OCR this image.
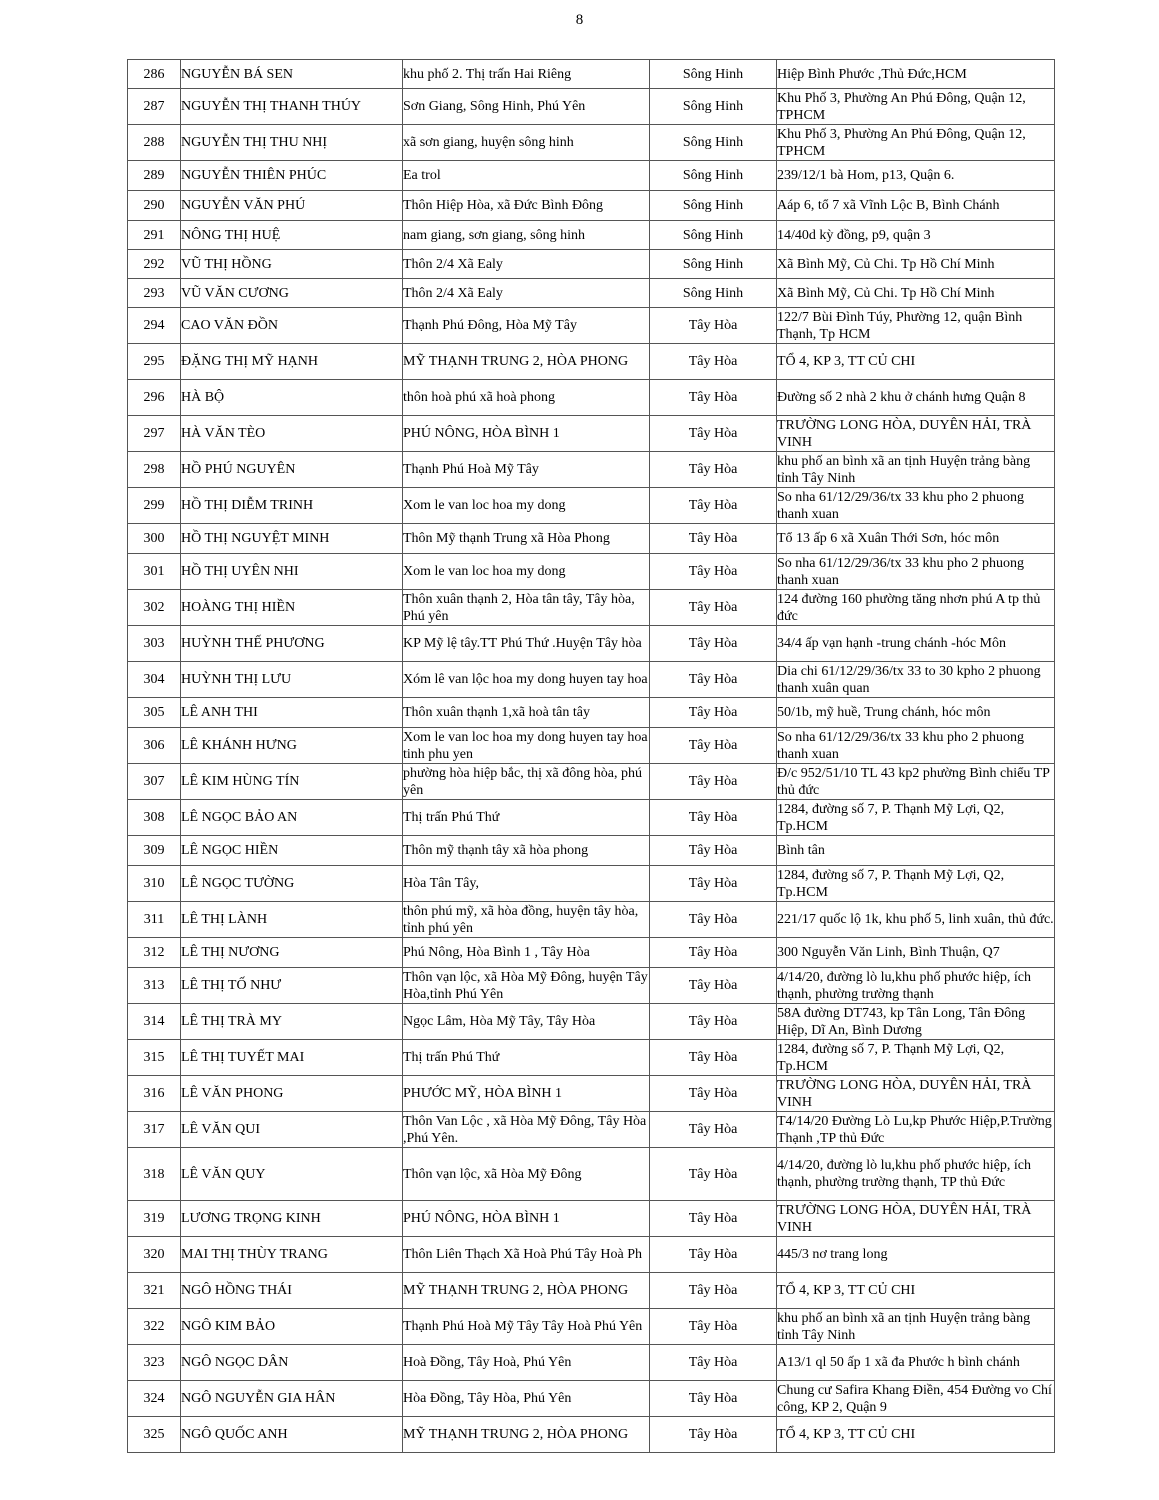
8
286	NGUYỄN BÁ SEN	khu phố 2. Thị trấn Hai Riêng	Sông Hinh	Hiệp Bình Phước ,Thủ Đức,HCM

287	NGUYỄN THỊ THANH THÚY	Sơn Giang, Sông Hinh, Phú Yên	Sông Hinh	Khu Phố 3, Phường An Phú Đông, Quận 12, TPHCM

288	NGUYỄN THỊ THU NHỊ	xã sơn giang, huyện sông hinh	Sông Hinh	Khu Phố 3, Phường An Phú Đông, Quận 12, TPHCM

289	NGUYỄN THIÊN PHÚC	Ea trol	Sông Hinh	239/12/1 bà Hom, p13, Quận 6.

290	NGUYỄN VĂN PHÚ	Thôn Hiệp Hòa, xã Đức Bình Đông	Sông Hinh	Aáp 6, tổ 7 xã Vĩnh Lộc B, Bình Chánh

291	NÔNG THỊ HUỆ	nam giang, sơn giang, sông hinh	Sông Hinh	14/40d kỳ đồng, p9, quận 3

292	VŨ THỊ HỒNG	Thôn 2/4 Xã Ealy	Sông Hinh	Xã Bình Mỹ, Củ Chi. Tp Hồ Chí Minh

293	VŨ VĂN CƯƠNG	Thôn 2/4 Xã Ealy	Sông Hinh	Xã Bình Mỹ, Củ Chi. Tp Hồ Chí Minh

294	CAO VĂN ĐỒN	Thạnh Phú Đông, Hòa Mỹ Tây	Tây Hòa	122/7 Bùi Đình Túy, Phường 12, quận Bình Thạnh, Tp HCM

295	ĐẶNG THỊ MỸ HẠNH	MỸ THẠNH TRUNG 2, HÒA PHONG	Tây Hòa	TỔ 4, KP 3, TT CỦ CHI

296	HÀ BỘ	thôn hoà phú xã hoà phong	Tây Hòa	Đường số 2 nhà 2 khu ở chánh hưng Quận 8

297	HÀ VĂN TÈO	PHÚ NÔNG, HÒA BÌNH 1	Tây Hòa	TRƯỜNG LONG HÒA, DUYÊN HẢI, TRÀ VINH

298	HỒ PHÚ NGUYÊN	Thạnh Phú Hoà Mỹ Tây	Tây Hòa	khu phố an bình xã an tịnh Huyện trảng bàng tỉnh Tây Ninh

299	HỒ THỊ DIỄM TRINH	Xom le van loc hoa my dong	Tây Hòa	So nha 61/12/29/36/tx 33 khu pho 2 phuong thanh xuan

300	HỒ THỊ NGUYỆT MINH	Thôn Mỹ thạnh Trung xã Hòa Phong	Tây Hòa	Tổ 13 ấp 6 xã Xuân Thới Sơn, hóc môn

301	HỒ THỊ UYÊN NHI	Xom le van loc hoa my dong	Tây Hòa	So nha 61/12/29/36/tx 33 khu pho 2 phuong thanh xuan

302	HOÀNG THỊ HIỀN	Thôn xuân thạnh 2, Hòa tân tây, Tây hòa, Phú yên	Tây Hòa	124 đường 160 phường tăng nhơn phú A tp thủ đức

303	HUỲNH THẾ PHƯƠNG	KP Mỹ lệ tây.TT Phú Thứ .Huyện Tây hòa	Tây Hòa	34/4 ấp vạn hạnh -trung chánh -hóc Môn

304	HUỲNH THỊ LƯU	Xóm lê van lộc hoa my dong huyen tay hoa	Tây Hòa	Dia chi 61/12/29/36/tx 33 to 30 kpho 2 phuong thanh xuân quan

305	LÊ ANH THI	Thôn xuân thạnh 1,xã hoà tân tây	Tây Hòa	50/1b, mỹ huề, Trung chánh, hóc môn

306	LÊ KHÁNH HƯNG	Xom le van loc hoa my dong huyen tay hoa tinh phu yen	Tây Hòa	So nha 61/12/29/36/tx 33 khu pho 2 phuong thanh xuan

307	LÊ KIM HÙNG TÍN	phường hòa hiệp bắc, thị xã đông hòa, phú yên	Tây Hòa	Đ/c 952/51/10 TL 43 kp2 phường Bình chiểu TP thủ đức

308	LÊ NGỌC BẢO AN	Thị trấn Phú Thứ	Tây Hòa	1284, đường số 7, P. Thạnh Mỹ Lợi, Q2, Tp.HCM

309	LÊ NGỌC HIỀN	Thôn mỹ thạnh tây xã hòa phong	Tây Hòa	Bình tân

310	LÊ NGỌC TƯỜNG	Hòa Tân Tây,	Tây Hòa	1284, đường số 7, P. Thạnh Mỹ Lợi, Q2, Tp.HCM

311	LÊ THỊ LÀNH	thôn phú mỹ, xã hòa đồng, huyện tây hòa, tỉnh phú yên	Tây Hòa	221/17 quốc lộ 1k, khu phố 5, linh xuân, thủ đức.

312	LÊ THỊ NƯƠNG	Phú Nông, Hòa Bình 1 , Tây Hòa	Tây Hòa	300 Nguyễn Văn Linh, Bình Thuận, Q7

313	LÊ THỊ TỐ NHƯ	Thôn vạn lộc, xã Hòa Mỹ Đông, huyện Tây Hòa,tỉnh Phú Yên	Tây Hòa	4/14/20, đường lò lu,khu phố phước hiệp, ích thạnh, phường trường thạnh

314	LÊ THỊ TRÀ MY	Ngọc Lâm, Hòa Mỹ Tây, Tây Hòa	Tây Hòa	58A đường DT743, kp Tân Long, Tân Đông Hiệp, Dĩ An, Bình Dương

315	LÊ THỊ TUYẾT MAI	Thị trấn Phú Thứ	Tây Hòa	1284, đường số 7, P. Thạnh Mỹ Lợi, Q2, Tp.HCM

316	LÊ VĂN PHONG	PHƯỚC MỸ, HÒA BÌNH 1	Tây Hòa	TRƯỜNG LONG HÒA, DUYÊN HẢI, TRÀ VINH

317	LÊ VĂN QUI	Thôn Van Lộc , xã Hòa Mỹ Đông, Tây Hòa ,Phú Yên.	Tây Hòa	T4/14/20 Đường Lò Lu,kp Phước Hiệp,P.Trường Thạnh ,TP thủ Đức

318	LÊ VĂN QUY	Thôn vạn lộc, xã Hòa Mỹ Đông	Tây Hòa	4/14/20, đường lò lu,khu phố phước hiệp, ích thạnh, phường trường thạnh, TP thủ Đức

319	LƯƠNG TRỌNG KINH	PHÚ NÔNG, HÒA BÌNH 1	Tây Hòa	TRƯỜNG LONG HÒA, DUYÊN HẢI, TRÀ VINH

320	MAI THỊ THÙY TRANG	Thôn Liên Thạch Xã Hoà Phú Tây Hoà Ph	Tây Hòa	445/3 nơ trang long

321	NGÔ HỒNG THÁI	MỸ THẠNH TRUNG 2, HÒA PHONG	Tây Hòa	TỔ 4, KP 3, TT CỦ CHI

322	NGÔ KIM BẢO	Thạnh Phú Hoà Mỹ Tây Tây Hoà Phú Yên	Tây Hòa	khu phố an bình xã an tịnh Huyện trảng bàng tỉnh Tây Ninh

323	NGÔ NGỌC DÂN	Hoà Đồng, Tây Hoà, Phú Yên	Tây Hòa	A13/1 ql 50 ấp 1 xã đa Phước h bình chánh

324	NGÔ NGUYỄN GIA HÂN	Hòa Đồng, Tây Hòa, Phú Yên	Tây Hòa	Chung cư Safira Khang Điền, 454 Đường vo Chí công, KP 2, Quận 9

325	NGÔ QUỐC ANH	MỸ THẠNH TRUNG 2, HÒA PHONG	Tây Hòa	TỔ 4, KP 3, TT CỦ CHI
